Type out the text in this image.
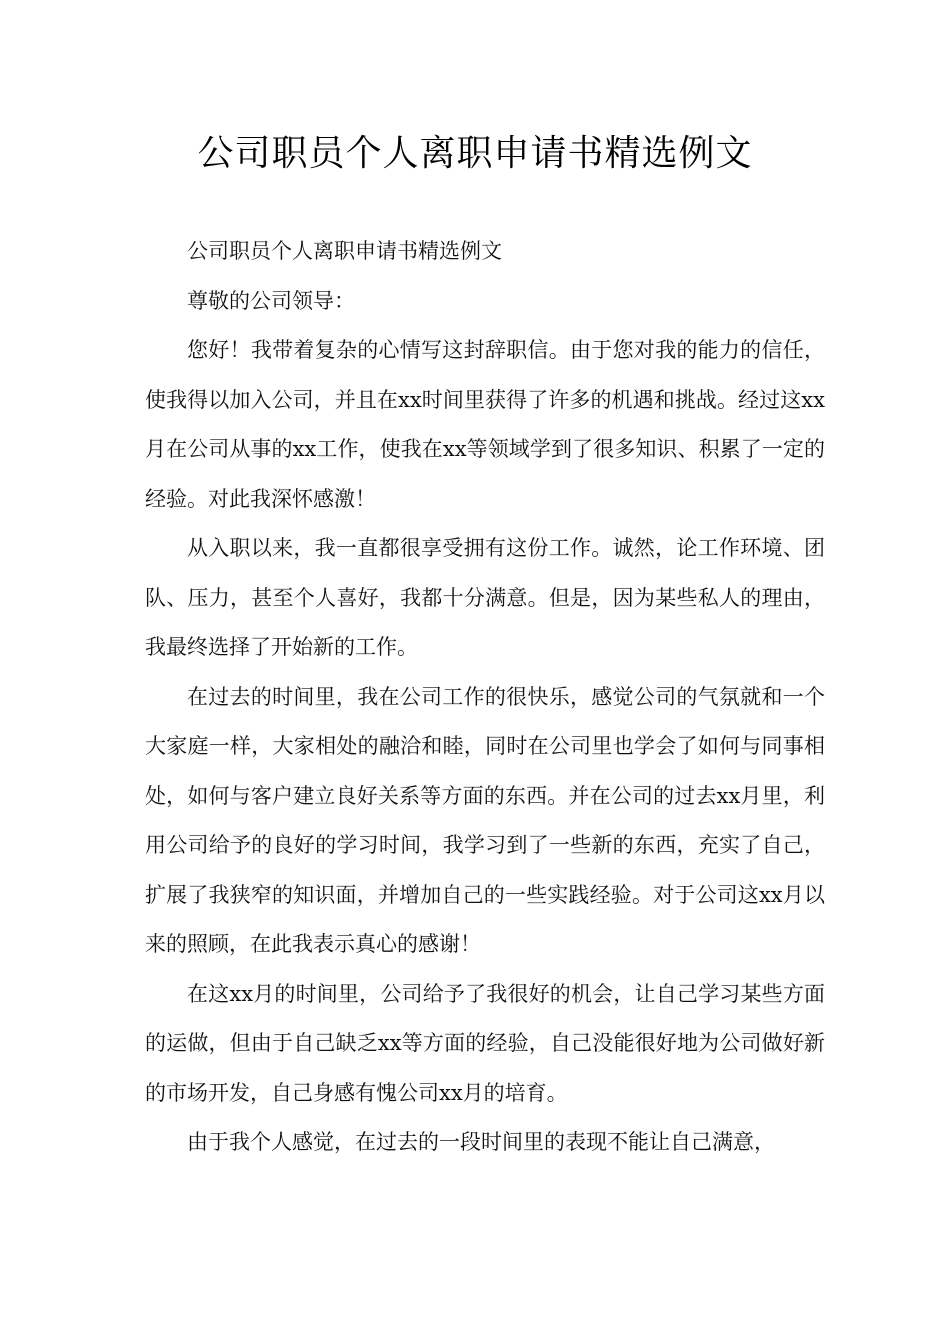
公司职员个人离职申请书精选例文

公司职员个人离职申请书精选例文

尊敬的公司领导：

您好！我带着复杂的心情写这封辞职信。由于您对我的能力的信任，使我得以加入公司，并且在xx时间里获得了许多的机遇和挑战。经过这xx月在公司从事的xx工作，使我在xx等领域学到了很多知识、积累了一定的经验。对此我深怀感激！

从入职以来，我一直都很享受拥有这份工作。诚然，论工作环境、团队、压力，甚至个人喜好，我都十分满意。但是，因为某些私人的理由，我最终选择了开始新的工作。

在过去的时间里，我在公司工作的很快乐，感觉公司的气氛就和一个大家庭一样，大家相处的融洽和睦，同时在公司里也学会了如何与同事相处，如何与客户建立良好关系等方面的东西。并在公司的过去xx月里，利用公司给予的良好的学习时间，我学习到了一些新的东西，充实了自己，扩展了我狭窄的知识面，并增加自己的一些实践经验。对于公司这xx月以来的照顾，在此我表示真心的感谢！

在这xx月的时间里，公司给予了我很好的机会，让自己学习某些方面的运做，但由于自己缺乏xx等方面的经验，自己没能很好地为公司做好新的市场开发，自己身感有愧公司xx月的培育。

由于我个人感觉，在过去的一段时间里的表现不能让自己满意，
